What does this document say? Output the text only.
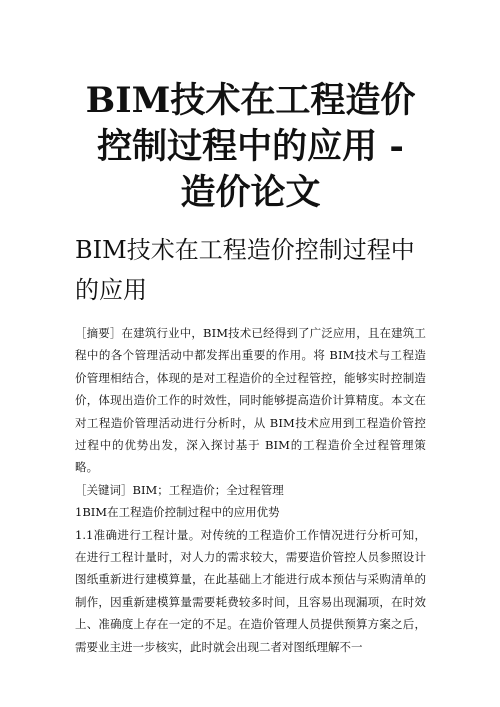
BIM技术在工程造价控制过程中的应用 - 造价论文
BIM技术在工程造价控制过程中的应用

［摘要］在建筑行业中，BIM技术已经得到了广泛应用，且在建筑工程中的各个管理活动中都发挥出重要的作用。将 BIM技术与工程造价管理相结合，体现的是对工程造价的全过程管控，能够实时控制造价，体现出造价工作的时效性，同时能够提高造价计算精度。本文在对工程造价管理活动进行分析时，从 BIM技术应用到工程造价管控过程中的优势出发，深入探讨基于 BIM的工程造价全过程管理策略。

［关键词］BIM；工程造价；全过程管理

1BIM在工程造价控制过程中的应用优势

1.1准确进行工程计量。对传统的工程造价工作情况进行分析可知，在进行工程计量时，对人力的需求较大，需要造价管控人员参照设计图纸重新进行建模算量，在此基础上才能进行成本预估与采购清单的制作，因重新建模算量需要耗费较多时间，且容易出现漏项，在时效上、准确度上存在一定的不足。在造价管理人员提供预算方案之后，需要业主进一步核实，此时就会出现二者对图纸理解不一
